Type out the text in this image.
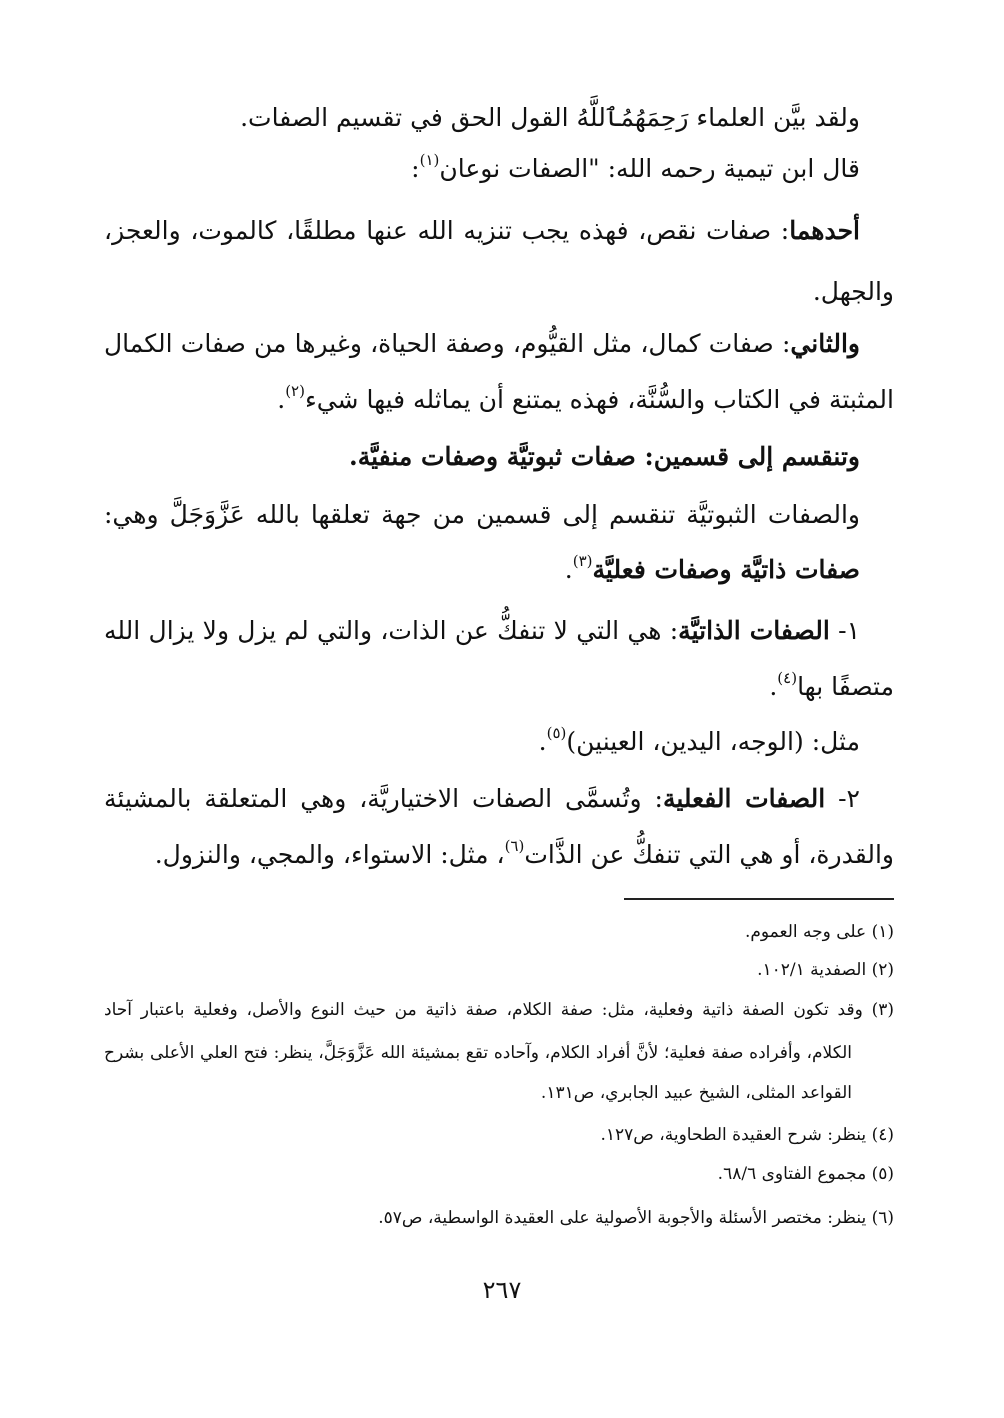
ولقد بيَّن العلماء رَحِمَهُمُٱللَّهُ القول الحق في تقسيم الصفات.
قال ابن تيمية رحمه الله: "الصفات نوعان$^{(١)}$:
أحدهما: صفات نقص، فهذه يجب تنزيه الله عنها مطلقًا، كالموت، والعجز،
والجهل.
والثاني: صفات كمال، مثل القيُّوم، وصفة الحياة، وغيرها من صفات الكمال
المثبتة في الكتاب والسُّنَّة، فهذه يمتنع أن يماثله فيها شيء$^{(٢)}$.
وتنقسم إلى قسمين: صفات ثبوتيَّة وصفات منفيَّة.
والصفات الثبوتيَّة تنقسم إلى قسمين من جهة تعلقها بالله عَزَّوَجَلَّ وهي:
صفات ذاتيَّة وصفات فعليَّة$^{(٣)}$.
١- الصفات الذاتيَّة: هي التي لا تنفكُّ عن الذات، والتي لم يزل ولا يزال الله
متصفًا بها$^{(٤)}$.
مثل: (الوجه، اليدين، العينين)$^{(٥)}$.
٢- الصفات الفعلية: وتُسمَّى الصفات الاختياريَّة، وهي المتعلقة بالمشيئة
والقدرة، أو هي التي تنفكُّ عن الذَّات$^{(٦)}$، مثل: الاستواء، والمجي، والنزول.
(١) على وجه العموم.
(٢) الصفدية ١٠٢/١.
(٣) وقد تكون الصفة ذاتية وفعلية، مثل: صفة الكلام، صفة ذاتية من حيث النوع والأصل، وفعلية باعتبار آحاد
الكلام، وأفراده صفة فعلية؛ لأنَّ أفراد الكلام، وآحاده تقع بمشيئة الله عَزَّوَجَلَّ، ينظر: فتح العلي الأعلى بشرح
القواعد المثلى، الشيخ عبيد الجابري، ص١٣١.
(٤) ينظر: شرح العقيدة الطحاوية، ص١٢٧.
(٥) مجموع الفتاوى ٦٨/٦.
(٦) ينظر: مختصر الأسئلة والأجوبة الأصولية على العقيدة الواسطية، ص٥٧.
٢٦٧
